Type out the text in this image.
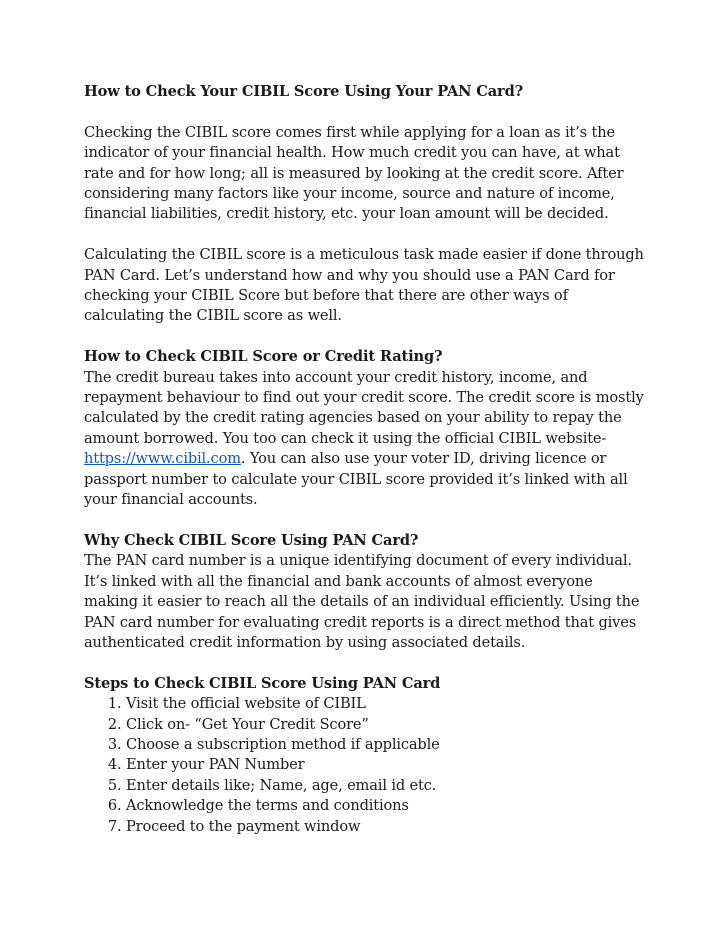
How to Check Your CIBIL Score Using Your PAN Card?

Checking the CIBIL score comes first while applying for a loan as it’s the indicator of your financial health. How much credit you can have, at what rate and for how long; all is measured by looking at the credit score. After considering many factors like your income, source and nature of income, financial liabilities, credit history, etc. your loan amount will be decided.

Calculating the CIBIL score is a meticulous task made easier if done through PAN Card. Let’s understand how and why you should use a PAN Card for checking your CIBIL Score but before that there are other ways of calculating the CIBIL score as well.

How to Check CIBIL Score or Credit Rating?

The credit bureau takes into account your credit history, income, and repayment behaviour to find out your credit score. The credit score is mostly calculated by the credit rating agencies based on your ability to repay the amount borrowed. You too can check it using the official CIBIL website- https://www.cibil.com. You can also use your voter ID, driving licence or passport number to calculate your CIBIL score provided it’s linked with all your financial accounts.

Why Check CIBIL Score Using PAN Card?

The PAN card number is a unique identifying document of every individual. It’s linked with all the financial and bank accounts of almost everyone making it easier to reach all the details of an individual efficiently. Using the PAN card number for evaluating credit reports is a direct method that gives authenticated credit information by using associated details.

Steps to Check CIBIL Score Using PAN Card
1. Visit the official website of CIBIL
2. Click on- “Get Your Credit Score”
3. Choose a subscription method if applicable
4. Enter your PAN Number
5. Enter details like; Name, age, email id etc.
6. Acknowledge the terms and conditions
7. Proceed to the payment window
